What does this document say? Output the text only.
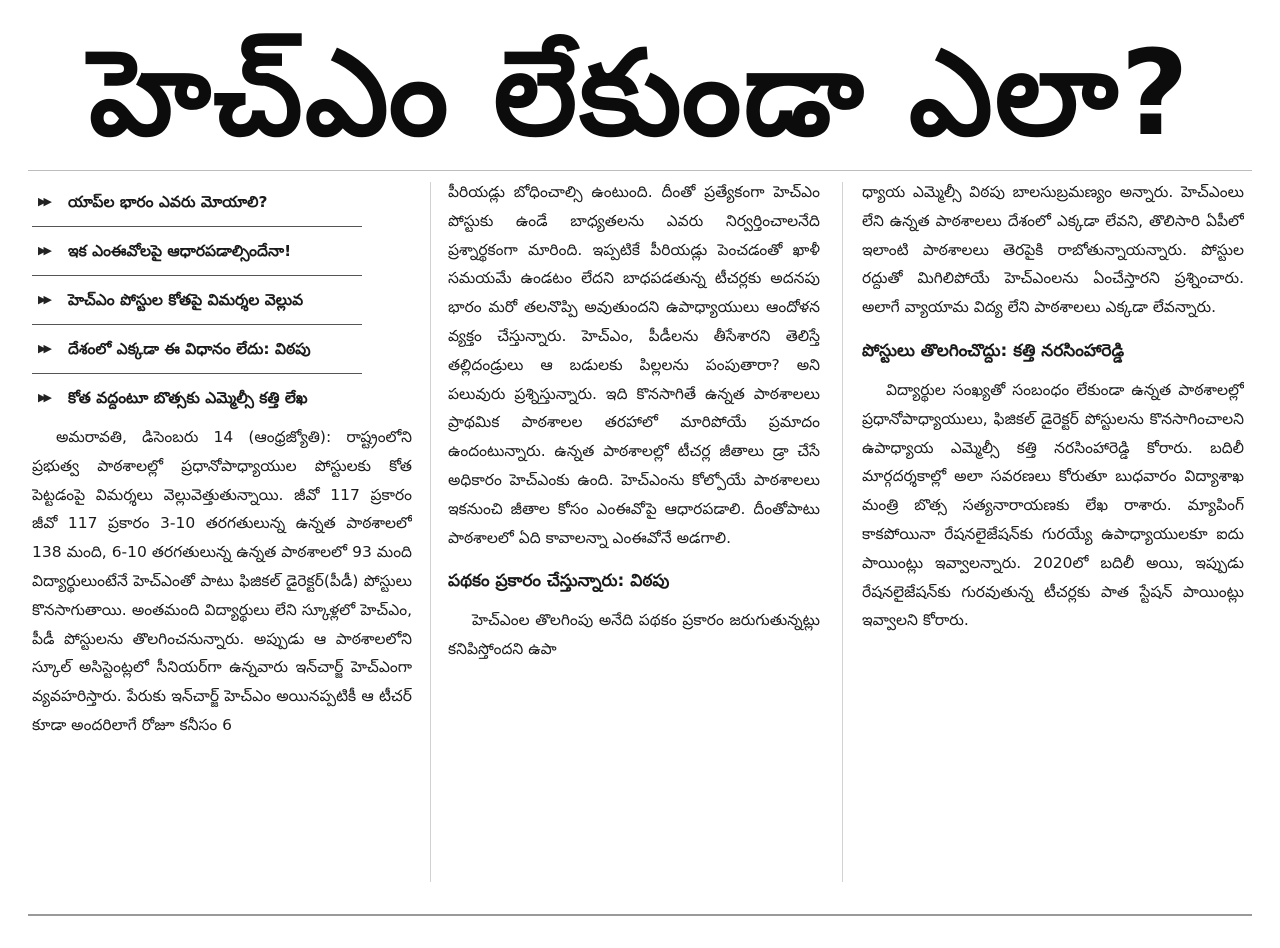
హెచ్‌ఎం లేకుండా ఎలా?
▶▶ యాప్‌ల భారం ఎవరు మోయాలి?
▶▶ ఇక ఎంఈవోలపై ఆధారపడాల్సిందేనా!
▶▶ హెచ్‌ఎం పోస్టుల కోతపై విమర్శల వెల్లువ
▶▶ దేశంలో ఎక్కడా ఈ విధానం లేదు: విఠపు
▶▶ కోత వద్దంటూ బొత్సకు ఎమ్మెల్సీ కత్తి లేఖ

అమరావతి, డిసెంబరు 14 (ఆంధ్రజ్యోతి): రాష్ట్రంలోని ప్రభుత్వ పాఠశాలల్లో ప్రధానోపాధ్యాయుల పోస్టులకు కోత పెట్టడంపై విమర్శలు వెల్లువెత్తుతున్నాయి. జీవో 117 ప్రకారం జీవో 117 ప్రకారం 3-10 తరగతులున్న ఉన్నత పాఠశాలలో 138 మంది, 6-10 తరగతులున్న ఉన్నత పాఠశాలలో 93 మంది విద్యార్థులుంటేనే హెచ్‌ఎంతో పాటు ఫిజికల్ డైరెక్టర్(పీడీ) పోస్టులు కొనసాగుతాయి. అంతమంది విద్యార్థులు లేని స్కూళ్లలో హెచ్‌ఎం, పీడీ పోస్టులను తొలగించనున్నారు. అప్పుడు ఆ పాఠశాలలోని స్కూల్ అసిస్టెంట్లలో సీనియర్‌గా ఉన్నవారు ఇన్‌చార్జ్ హెచ్‌ఎంగా వ్యవహరిస్తారు. పేరుకు ఇన్‌చార్జ్ హెచ్‌ఎం అయినప్పటికీ ఆ టీచర్ కూడా అందరిలాగే రోజూ కనీసం 6

పీరియడ్లు బోధించాల్సి ఉంటుంది. దీంతో ప్రత్యేకంగా హెచ్‌ఎం పోస్టుకు ఉండే బాధ్యతలను ఎవరు నిర్వర్తించాలనేది ప్రశ్నార్థకంగా మారింది. ఇప్పటికే పీరియడ్లు పెంచడంతో ఖాళీ సమయమే ఉండటం లేదని బాధపడతున్న టీచర్లకు అదనపు భారం మరో తలనొప్పి అవుతుందని ఉపాధ్యాయులు ఆందోళన వ్యక్తం చేస్తున్నారు. హెచ్‌ఎం, పీడీలను తీసేశారని తెలిస్తే తల్లిదండ్రులు ఆ బడులకు పిల్లలను పంపుతారా? అని పలువురు ప్రశ్నిస్తున్నారు. ఇది కొనసాగితే ఉన్నత పాఠశాలలు ప్రాథమిక పాఠశాలల తరహాలో మారిపోయే ప్రమాదం ఉందంటున్నారు. ఉన్నత పాఠశాలల్లో టీచర్ల జీతాలు డ్రా చేసే అధికారం హెచ్‌ఎంకు ఉంది. హెచ్‌ఎంను కోల్పోయే పాఠశాలలు ఇకనుంచి జీతాల కోసం ఎంఈవోపై ఆధారపడాలి. దీంతోపాటు పాఠశాలలో ఏది కావాలన్నా ఎంఈవోనే అడగాలి.

పథకం ప్రకారం చేస్తున్నారు: విఠపు

హెచ్‌ఎంల తొలగింపు అనేది పథకం ప్రకారం జరుగుతున్నట్లు కనిపిస్తోందని ఉపా

ధ్యాయ ఎమ్మెల్సీ విఠపు బాలసుబ్రమణ్యం అన్నారు. హెచ్‌ఎంలు లేని ఉన్నత పాఠశాలలు దేశంలో ఎక్కడా లేవని, తొలిసారి ఏపీలో ఇలాంటి పాఠశాలలు తెరపైకి రాబోతున్నాయన్నారు. పోస్టుల రద్దుతో మిగిలిపోయే హెచ్‌ఎంలను ఏంచేస్తారని ప్రశ్నించారు. అలాగే వ్యాయామ విద్య లేని పాఠశాలలు ఎక్కడా లేవన్నారు.

పోస్టులు తొలగించొద్దు: కత్తి నరసింహారెడ్డి

విద్యార్థుల సంఖ్యతో సంబంధం లేకుండా ఉన్నత పాఠశాలల్లో ప్రధానోపాధ్యాయులు, ఫిజికల్ డైరెక్టర్ పోస్టులను కొనసాగించాలని ఉపాధ్యాయ ఎమ్మెల్సీ కత్తి నరసింహారెడ్డి కోరారు. బదిలీ మార్గదర్శకాల్లో అలా సవరణలు కోరుతూ బుధవారం విద్యాశాఖ మంత్రి బొత్స సత్యనారాయణకు లేఖ రాశారు. మ్యాపింగ్ కాకపోయినా రేషనలైజేషన్‌కు గురయ్యే ఉపాధ్యాయులకూ ఐదు పాయింట్లు ఇవ్వాలన్నారు. 2020లో బదిలీ అయి, ఇప్పుడు రేషనలైజేషన్‌కు గురవుతున్న టీచర్లకు పాత స్టేషన్ పాయింట్లు ఇవ్వాలని కోరారు.
